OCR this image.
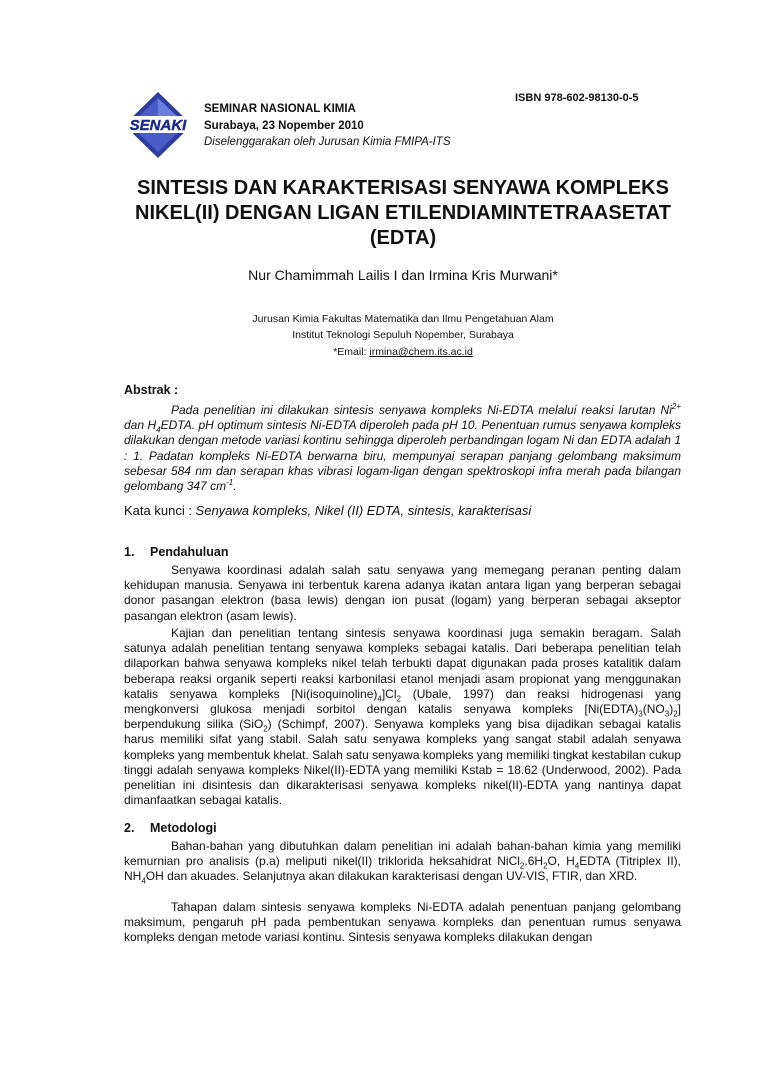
ISBN 978-602-98130-0-5
SENAKI
SEMINAR NASIONAL KIMIA
Surabaya, 23 Nopember 2010
Diselenggarakan oleh Jurusan Kimia FMIPA-ITS
SINTESIS DAN KARAKTERISASI SENYAWA KOMPLEKS
NIKEL(II) DENGAN LIGAN ETILENDIAMINTETRAASETAT
(EDTA)
Nur Chamimmah Lailis I dan Irmina Kris Murwani*
Jurusan Kimia Fakultas Matematika dan Ilmu Pengetahuan Alam
Institut Teknologi Sepuluh Nopember, Surabaya
*Email: irmina@chem.its.ac.id
Abstrak :
Pada penelitian ini dilakukan sintesis senyawa kompleks Ni-EDTA melalui reaksi larutan $Ni^{2+}$ dan $H_4EDTA$. pH optimum sintesis Ni-EDTA diperoleh pada pH 10. Penentuan rumus senyawa kompleks dilakukan dengan metode variasi kontinu sehingga diperoleh perbandingan logam Ni dan EDTA adalah 1 : 1. Padatan kompleks Ni-EDTA berwarna biru, mempunyai serapan panjang gelombang maksimum sebesar 584 nm dan serapan khas vibrasi logam-ligan dengan spektroskopi infra merah pada bilangan gelombang 347 $cm^{-1}$.
Kata kunci : Senyawa kompleks, Nikel (II) EDTA, sintesis, karakterisasi
1. Pendahuluan
Senyawa koordinasi adalah salah satu senyawa yang memegang peranan penting dalam kehidupan manusia. Senyawa ini terbentuk karena adanya ikatan antara ligan yang berperan sebagai donor pasangan elektron (basa lewis) dengan ion pusat (logam) yang berperan sebagai akseptor pasangan elektron (asam lewis).
Kajian dan penelitian tentang sintesis senyawa koordinasi juga semakin beragam. Salah satunya adalah penelitian tentang senyawa kompleks sebagai katalis. Dari beberapa penelitian telah dilaporkan bahwa senyawa kompleks nikel telah terbukti dapat digunakan pada proses katalitik dalam beberapa reaksi organik seperti reaksi karbonilasi etanol menjadi asam propionat yang menggunakan katalis senyawa kompleks $[Ni(isoquinoline)_4]Cl_2$ (Ubale, 1997) dan reaksi hidrogenasi yang mengkonversi glukosa menjadi sorbitol dengan katalis senyawa kompleks $[Ni(EDTA)_3(NO_3)_2]$ berpendukung silika (SiO$_2$) (Schimpf, 2007). Senyawa kompleks yang bisa dijadikan sebagai katalis harus memiliki sifat yang stabil. Salah satu senyawa kompleks yang sangat stabil adalah senyawa kompleks yang membentuk khelat. Salah satu senyawa kompleks yang memiliki tingkat kestabilan cukup tinggi adalah senyawa kompleks Nikel(II)-EDTA yang memiliki Kstab = 18.62 (Underwood, 2002). Pada penelitian ini disintesis dan dikarakterisasi senyawa kompleks nikel(II)-EDTA yang nantinya dapat dimanfaatkan sebagai katalis.
2. Metodologi
Bahan-bahan yang dibutuhkan dalam penelitian ini adalah bahan-bahan kimia yang memiliki kemurnian pro analisis (p.a) meliputi nikel(II) triklorida heksahidrat $NiCl_2.6H_2O$, $H_4EDTA$ (Titriplex II), $NH_4OH$ dan akuades. Selanjutnya akan dilakukan karakterisasi dengan UV-VIS, FTIR, dan XRD.
Tahapan dalam sintesis senyawa kompleks Ni-EDTA adalah penentuan panjang gelombang maksimum, pengaruh pH pada pembentukan senyawa kompleks dan penentuan rumus senyawa kompleks dengan metode variasi kontinu. Sintesis senyawa kompleks dilakukan dengan
